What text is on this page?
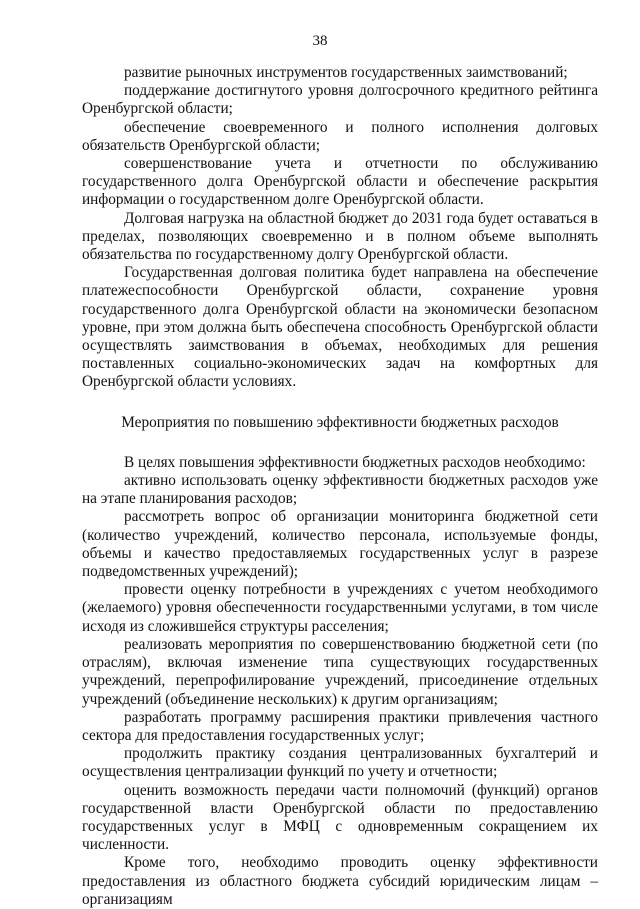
38

развитие рыночных инструментов государственных заимствований;

поддержание достигнутого уровня долгосрочного кредитного рейтинга Оренбургской области;

обеспечение своевременного и полного исполнения долговых обязательств Оренбургской области;

совершенствование учета и отчетности по обслуживанию государственного долга Оренбургской области и обеспечение раскрытия информации о государственном долге Оренбургской области.

Долговая нагрузка на областной бюджет до 2031 года будет оставаться в пределах, позволяющих своевременно и в полном объеме выполнять обязательства по государственному долгу Оренбургской области.

Государственная долговая политика будет направлена на обеспечение платежеспособности Оренбургской области, сохранение уровня государственного долга Оренбургской области на экономически безопасном уровне, при этом должна быть обеспечена способность Оренбургской области осуществлять заимствования в объемах, необходимых для решения поставленных социально-экономических задач на комфортных для Оренбургской области условиях.

Мероприятия по повышению эффективности бюджетных расходов

В целях повышения эффективности бюджетных расходов необходимо:

активно использовать оценку эффективности бюджетных расходов уже на этапе планирования расходов;

рассмотреть вопрос об организации мониторинга бюджетной сети (количество учреждений, количество персонала, используемые фонды, объемы и качество предоставляемых государственных услуг в разрезе подведомственных учреждений);

провести оценку потребности в учреждениях с учетом необходимого (желаемого) уровня обеспеченности государственными услугами, в том числе исходя из сложившейся структуры расселения;

реализовать мероприятия по совершенствованию бюджетной сети (по отраслям), включая изменение типа существующих государственных учреждений, перепрофилирование учреждений, присоединение отдельных учреждений (объединение нескольких) к другим организациям;

разработать программу расширения практики привлечения частного сектора для предоставления государственных услуг;

продолжить практику создания централизованных бухгалтерий и осуществления централизации функций по учету и отчетности;

оценить возможность передачи части полномочий (функций) органов государственной власти Оренбургской области по предоставлению государственных услуг в МФЦ с одновременным сокращением их численности.

Кроме того, необходимо проводить оценку эффективности предоставления из областного бюджета субсидий юридическим лицам – организациям
